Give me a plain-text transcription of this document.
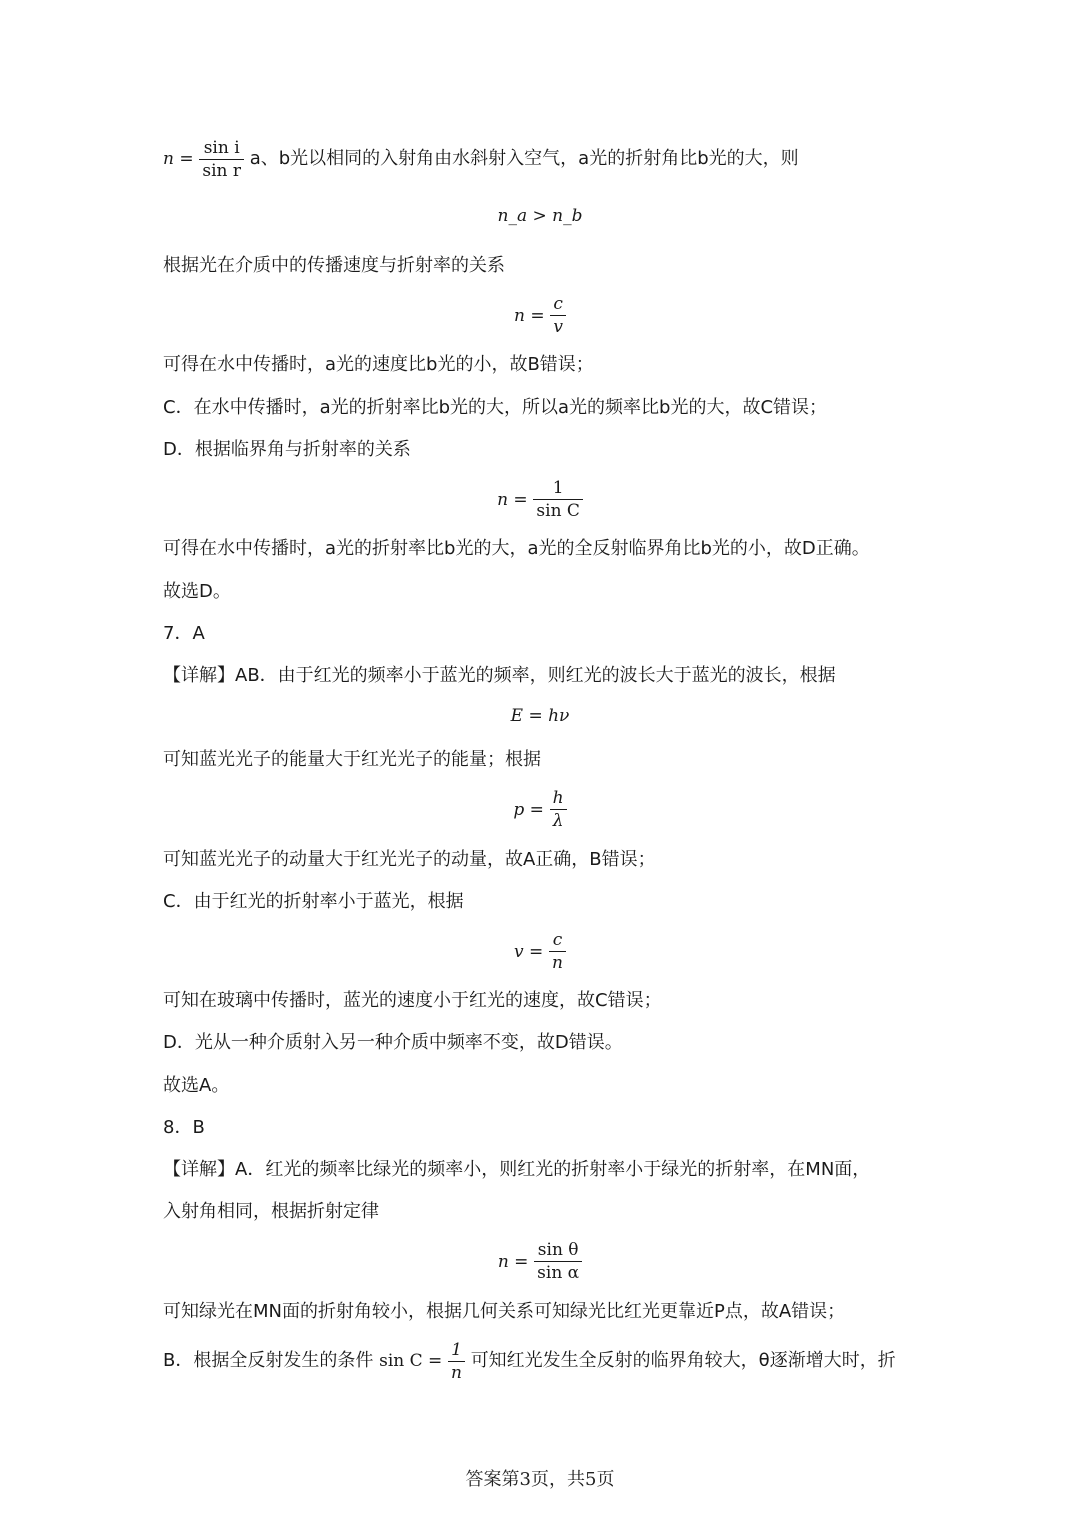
$n = \frac{\text{sin i}}{\text{sin r}}$ a、b光以相同的入射角由水斜射入空气，a光的折射角比b光的大，则
n_a > n_b
根据光在介质中的传播速度与折射率的关系
$n = \frac{c}{v}$
可得在水中传播时，a光的速度比b光的小，故B错误；
C．在水中传播时，a光的折射率比b光的大，所以a光的频率比b光的大，故C错误；
D．根据临界角与折射率的关系
$n = \frac{1}{\text{sin C}}$
可得在水中传播时，a光的折射率比b光的大，a光的全反射临界角比b光的小，故D正确。
故选D。
7．A
【详解】AB．由于红光的频率小于蓝光的频率，则红光的波长大于蓝光的波长，根据
E = hν
可知蓝光光子的能量大于红光光子的能量；根据
$p = \frac{h}{\lambda}$
可知蓝光光子的动量大于红光光子的动量，故A正确，B错误；
C．由于红光的折射率小于蓝光，根据
$v = \frac{c}{n}$
可知在玻璃中传播时，蓝光的速度小于红光的速度，故C错误；
D．光从一种介质射入另一种介质中频率不变，故D错误。
故选A。
8．B
【详解】A．红光的频率比绿光的频率小，则红光的折射率小于绿光的折射率，在MN面，
入射角相同，根据折射定律
$n = \frac{\text{sin θ}}{\text{sin α}}$
可知绿光在MN面的折射角较小，根据几何关系可知绿光比红光更靠近P点，故A错误；
B．根据全反射发生的条件 $\sin C = \frac{1}{n}$ 可知红光发生全反射的临界角较大，θ逐渐增大时，折
答案第3页，共5页
